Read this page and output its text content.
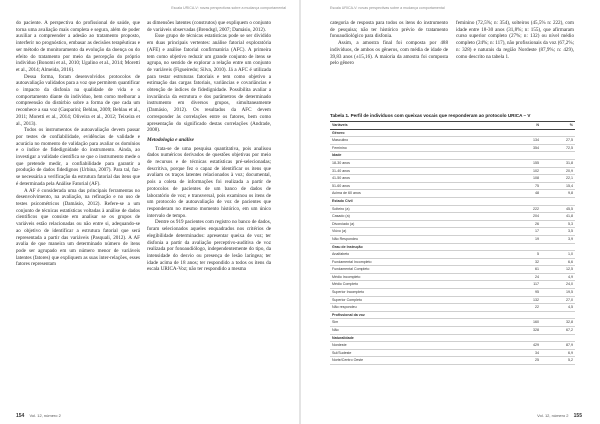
Escala URICA-V: novas perspectivas sobre a mudança comportamental

do paciente. A perspectiva do profissional de saúde, que torna uma avaliação mais completa e segura, além de poder auxiliar a compreender a adesão ao tratamento proposto, interferir no prognóstico, embasar as decisões terapêuticas e ser método de monitoramento da evolução da doença ou do efeito do tratamento por meio da percepção do próprio indivíduo (Bonomi et al., 2010; Ugalino et al., 2014; Moretti et al., 2014; Almeida, 2016).

Dessa forma, foram desenvolvidos protocolos de autoavaliação validados para a voz que permitem quantificar o impacto da disfonia na qualidade de vida e o comportamento diante do indivíduo, bem como melhorar a compreensão do distúrbio sobre a forma de que cada um reconhece a sua voz (Gasparini; Behlau, 2009; Behlau et al., 2011; Moretti et al., 2014; Oliveira et al., 2012; Teixeira et al., 2013).

Todos os instrumentos de autoavaliação devem passar por testes de confiabilidade, evidências de validade e acurácia no momento de validação para avaliar os domínios e o índice de fidedignidade do instrumento. Ainda, ao investigar a validade científica se que o instrumento mede o que pretende medir, a confiabilidade para garantir a produção de dados fidedignos (Urbina, 2007). Para tal, faz-se necessária a verificação da estrutura fatorial das itens que é determinada pela Análise Fatorial (AF).

A AF é considerada uma das principais ferramentas no desenvolvimento, na avaliação, na refinação e no uso de testes psicométricos (Damásio, 2012). Refere-se a um conjunto de técnicas estatísticas voltadas à análise de dados científicos que consiste em analisar se os grupos de variáveis estão relacionadas ou não entre si, adequando-se ao objetivo de identificar a estrutura fatorial que será representada a partir das variáveis (Pasquali, 2012). A AF avalia de que maneira um determinado número de itens pode ser agrupado em um número menor de variáveis latentes (fatores) que expliquem as suas inter-relações, esses fatores representam

as dimensões latentes (construtos) que expliquem o conjunto de variáveis observadas (Brendsgl, 2007; Damásio, 2012).

Esse grupo de técnicas estatísticas pode se ser dividido em duas principais vertentes: análise fatorial exploratória (AFE) e análise fatorial confirmatória (AFC). A primeira tem como objetivo reduzir um grande conjunto de itens se agrupa, no sentido de explorar a relação entre um conjunto de variáveis (Figueiredo; Silva, 2010). Já a AFC é utilizada para testar estruturas fatoriais e tem como objetivo a estimação das cargas fatoriais, variâncias e covariâncias e obtenção de índices de fidedignidade. Possibilita avaliar a invariância da estrutura e dos parâmetros de determinado instrumento em diversos grupos, simultaneamente (Damásio, 2012). Os resultados da AFC devem corresponder às correlações entre os fatores, bem como apresentação do significado destas correlações (Andrade, 2008).

Metodologia e análise

Trata-se de uma pesquisa quantitativa, pois analisou dados numéricos derivados de questões objetivas por meio de recursos e de técnicas estatísticas pré-selecionadas; descritiva, porque fez o capaz de identificar os itens que avaliam os traços latentes relacionados à voz; documental, pois a coleta de informações foi realizada a partir de protocolos de pacientes de um banco de dados de laboratório de voz; e transversal, pois examinou os itens de um protocolo de autoavaliação de voz de pacientes que responderam no mesmo momento histórico, em um único intervalo de tempo.

Dentre os 919 pacientes com registro no banco de dados, foram selecionados aqueles enquadrados nos critérios de elegibilidade determinados: apresentar queixa de voz; ter disfonia a partir da avaliação perceptivo-auditiva de voz realizada por fonoaudiólogo, independentemente do tipo, da intensidade do desvio ou presença de lesão laríngea; ter idade acima de 18 anos; ter respondido a todos os itens da escala URICA-Voz; não ter respondido a mesma

154 Vol. 12, número 2
Escala URICA-V: novas perspectivas sobre a mudança comportamental

categoria de resposta para todos os itens do instrumento de pesquisa; não ter histórico prévio de tratamento fonoaudiológico para disfonia.

Assim, a amostra final foi composta por 488 indivíduos, de ambos os gêneros, com média de idade de 39,83 anos (±15,16). A maioria da amostra foi composta pelo gênero

feminino (72,5%; n: 354), solteiros (45,5% n: 222), com idade entre 18-30 anos (31,8%; n: 155), que afirmaram curso superior completo (27%; n: 132) ou nível médio completo (24%; n: 117), não profissionais da voz (67,2%; n: 328) e naturais da região Nordeste (87,9%; n: 429), como descrito na tabela 1.

Tabela 1. Perfil de indivíduos com queixas vocais que responderam ao protocolo URICA – V
Variáveis	N	%
Gênero		
Masculino	134	27,5
Feminino	354	72,5
Idade		
18-30 anos	155	31,8
31-40 anos	102	20,9
41-50 anos	108	22,1
51-60 anos	75	15,4
Acima de 60 anos	48	9,8
Estado Civil		
Solteiro (a)	222	45,5
Casado (a)	204	41,8
Divorciado (a)	26	5,3
Viúvo (a)	17	3,5
Não Respondeu	19	3,9
Grau de Instrução		
Analfabeto	5	1,0
Fundamental Incompleto	32	6,6
Fundamental Completo	61	12,5
Médio Incompleto	24	4,9
Médio Completo	117	24,0
Superior Incompleto	95	19,5
Superior Completo	132	27,0
Não respondeu	22	4,5
Profissional da voz		
Sim	160	32,8
Não	328	67,2
Naturalidade		
Nordeste	429	87,9
Sul/Sudeste	34	6,9
Norte/Centro Oeste	25	5,2
Vol. 12, número 2 155
